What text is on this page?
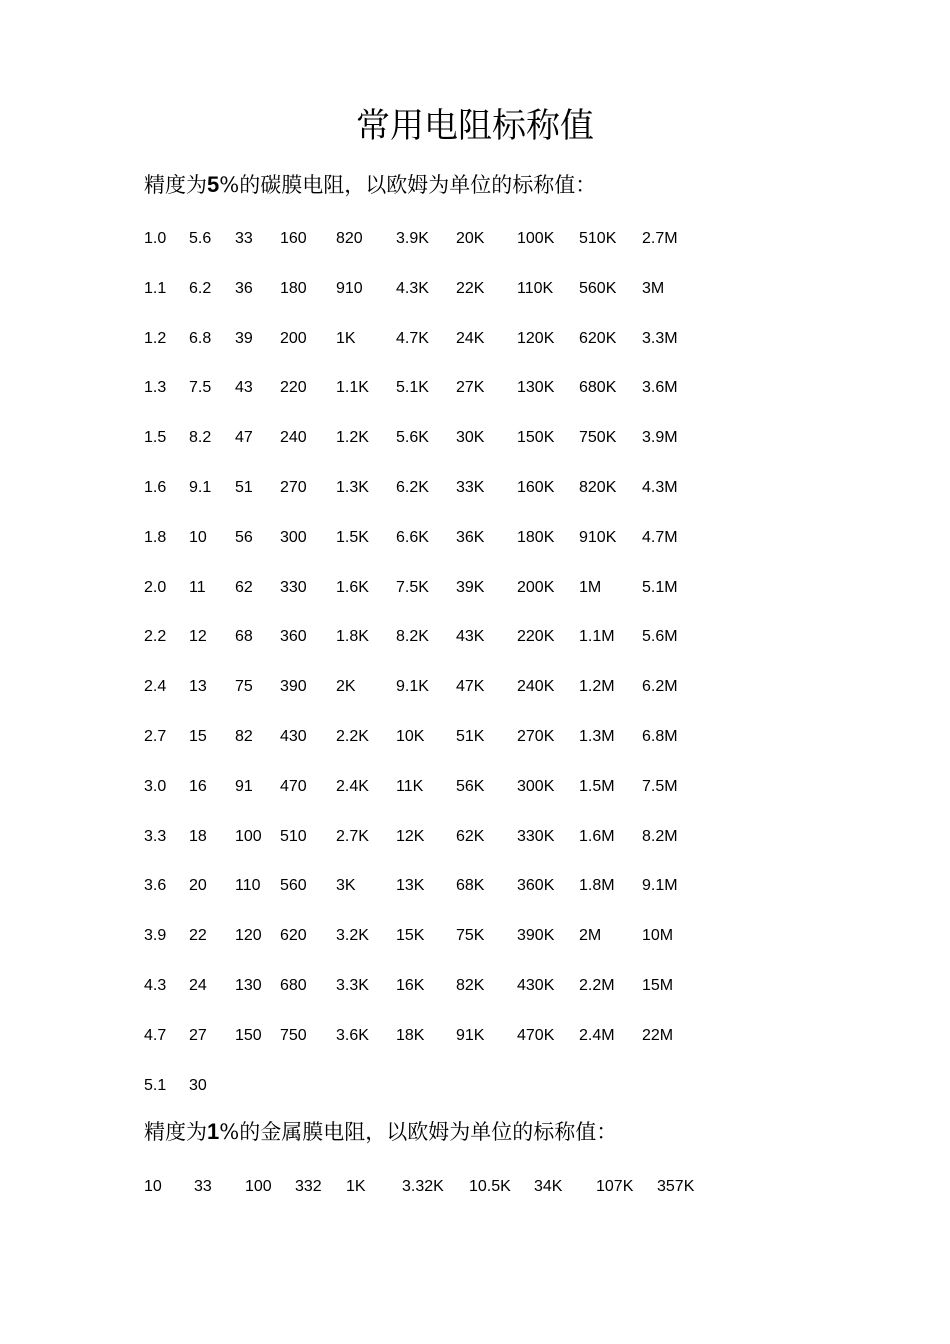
常用电阻标称值

精度为5%的碳膜电阻，以欧姆为单位的标称值：

1.0	5.6	33	160	820	3.9K	20K	100K	510K	2.7M
1.1	6.2	36	180	910	4.3K	22K	110K	560K	3M
1.2	6.8	39	200	1K	4.7K	24K	120K	620K	3.3M
1.3	7.5	43	220	1.1K	5.1K	27K	130K	680K	3.6M
1.5	8.2	47	240	1.2K	5.6K	30K	150K	750K	3.9M
1.6	9.1	51	270	1.3K	6.2K	33K	160K	820K	4.3M
1.8	10	56	300	1.5K	6.6K	36K	180K	910K	4.7M
2.0	11	62	330	1.6K	7.5K	39K	200K	1M	5.1M
2.2	12	68	360	1.8K	8.2K	43K	220K	1.1M	5.6M
2.4	13	75	390	2K	9.1K	47K	240K	1.2M	6.2M
2.7	15	82	430	2.2K	10K	51K	270K	1.3M	6.8M
3.0	16	91	470	2.4K	11K	56K	300K	1.5M	7.5M
3.3	18	100	510	2.7K	12K	62K	330K	1.6M	8.2M
3.6	20	110	560	3K	13K	68K	360K	1.8M	9.1M
3.9	22	120	620	3.2K	15K	75K	390K	2M	10M
4.3	24	130	680	3.3K	16K	82K	430K	2.2M	15M
4.7	27	150	750	3.6K	18K	91K	470K	2.4M	22M
5.1	30								

精度为1%的金属膜电阻，以欧姆为单位的标称值：

10	33	100	332	1K	3.32K	10.5K	34K	107K	357K
